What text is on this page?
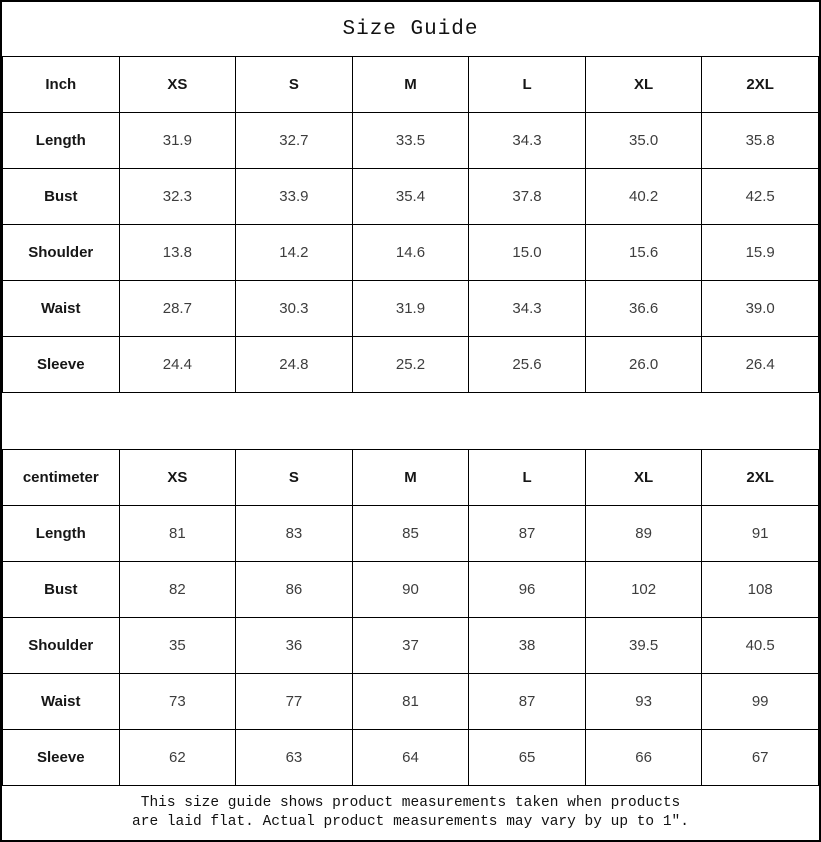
Size Guide
Inch	XS	S	M	L	XL	2XL
Length	31.9	32.7	33.5	34.3	35.0	35.8
Bust	32.3	33.9	35.4	37.8	40.2	42.5
Shoulder	13.8	14.2	14.6	15.0	15.6	15.9
Waist	28.7	30.3	31.9	34.3	36.6	39.0
Sleeve	24.4	24.8	25.2	25.6	26.0	26.4
centimeter	XS	S	M	L	XL	2XL
Length	81	83	85	87	89	91
Bust	82	86	90	96	102	108
Shoulder	35	36	37	38	39.5	40.5
Waist	73	77	81	87	93	99
Sleeve	62	63	64	65	66	67
This size guide shows product measurements taken when products
are laid flat. Actual product measurements may vary by up to 1″.
